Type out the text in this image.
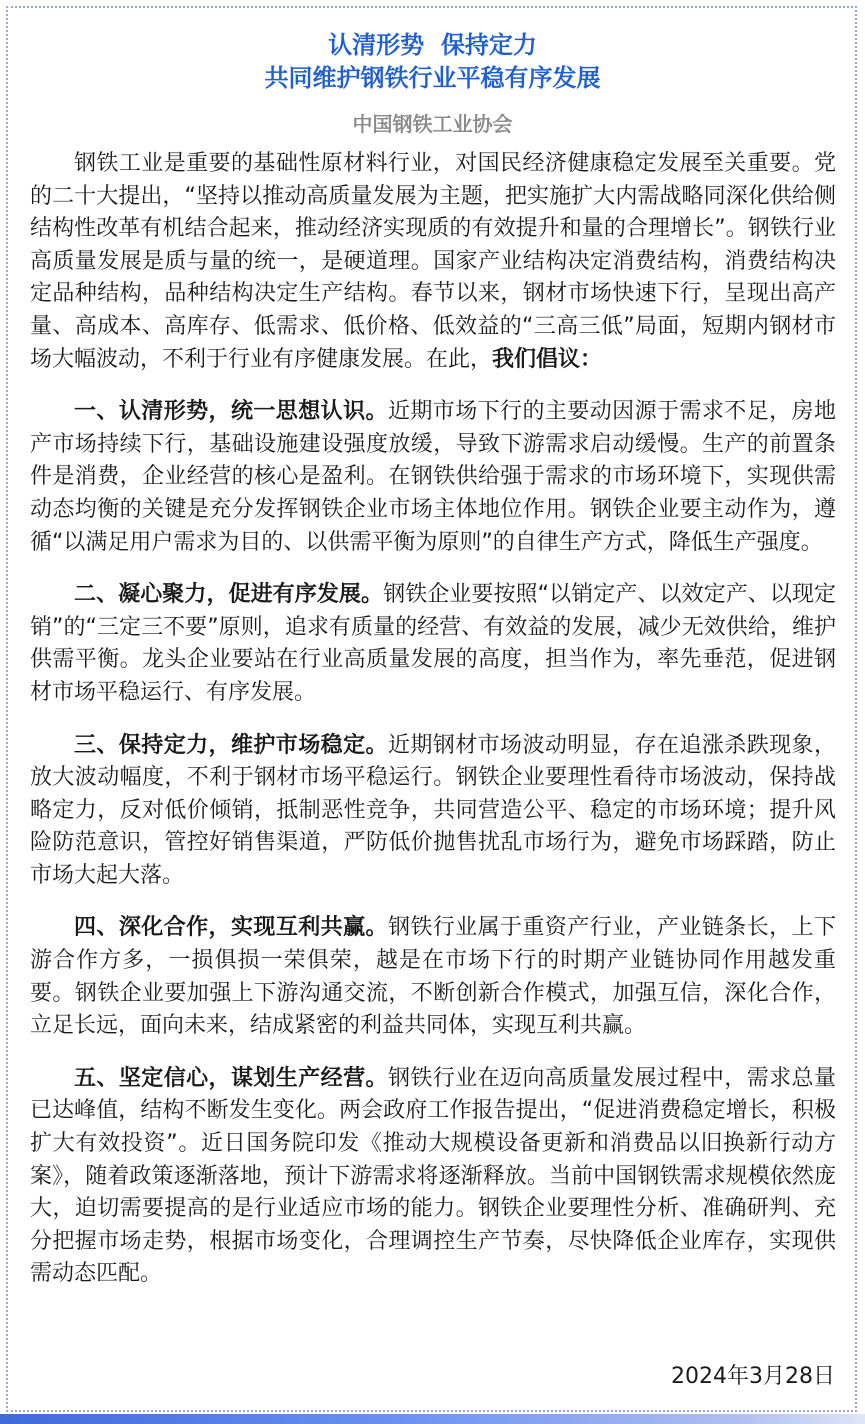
认清形势  保持定力
共同维护钢铁行业平稳有序发展
中国钢铁工业协会

钢铁工业是重要的基础性原材料行业，对国民经济健康稳定发展至关重要。党的二十大提出，“坚持以推动高质量发展为主题，把实施扩大内需战略同深化供给侧结构性改革有机结合起来，推动经济实现质的有效提升和量的合理增长”。钢铁行业高质量发展是质与量的统一，是硬道理。国家产业结构决定消费结构，消费结构决定品种结构，品种结构决定生产结构。春节以来，钢材市场快速下行，呈现出高产量、高成本、高库存、低需求、低价格、低效益的“三高三低”局面，短期内钢材市场大幅波动，不利于行业有序健康发展。在此，我们倡议：

一、认清形势，统一思想认识。近期市场下行的主要动因源于需求不足，房地产市场持续下行，基础设施建设强度放缓，导致下游需求启动缓慢。生产的前置条件是消费，企业经营的核心是盈利。在钢铁供给强于需求的市场环境下，实现供需动态均衡的关键是充分发挥钢铁企业市场主体地位作用。钢铁企业要主动作为，遵循“以满足用户需求为目的、以供需平衡为原则”的自律生产方式，降低生产强度。

二、凝心聚力，促进有序发展。钢铁企业要按照“以销定产、以效定产、以现定销”的“三定三不要”原则，追求有质量的经营、有效益的发展，减少无效供给，维护供需平衡。龙头企业要站在行业高质量发展的高度，担当作为，率先垂范，促进钢材市场平稳运行、有序发展。

三、保持定力，维护市场稳定。近期钢材市场波动明显，存在追涨杀跌现象，放大波动幅度，不利于钢材市场平稳运行。钢铁企业要理性看待市场波动，保持战略定力，反对低价倾销，抵制恶性竞争，共同营造公平、稳定的市场环境；提升风险防范意识，管控好销售渠道，严防低价抛售扰乱市场行为，避免市场踩踏，防止市场大起大落。

四、深化合作，实现互利共赢。钢铁行业属于重资产行业，产业链条长，上下游合作方多，一损俱损一荣俱荣，越是在市场下行的时期产业链协同作用越发重要。钢铁企业要加强上下游沟通交流，不断创新合作模式，加强互信，深化合作，立足长远，面向未来，结成紧密的利益共同体，实现互利共赢。

五、坚定信心，谋划生产经营。钢铁行业在迈向高质量发展过程中，需求总量已达峰值，结构不断发生变化。两会政府工作报告提出，“促进消费稳定增长，积极扩大有效投资”。近日国务院印发《推动大规模设备更新和消费品以旧换新行动方案》，随着政策逐渐落地，预计下游需求将逐渐释放。当前中国钢铁需求规模依然庞大，迫切需要提高的是行业适应市场的能力。钢铁企业要理性分析、准确研判、充分把握市场走势，根据市场变化，合理调控生产节奏，尽快降低企业库存，实现供需动态匹配。

2024年3月28日
